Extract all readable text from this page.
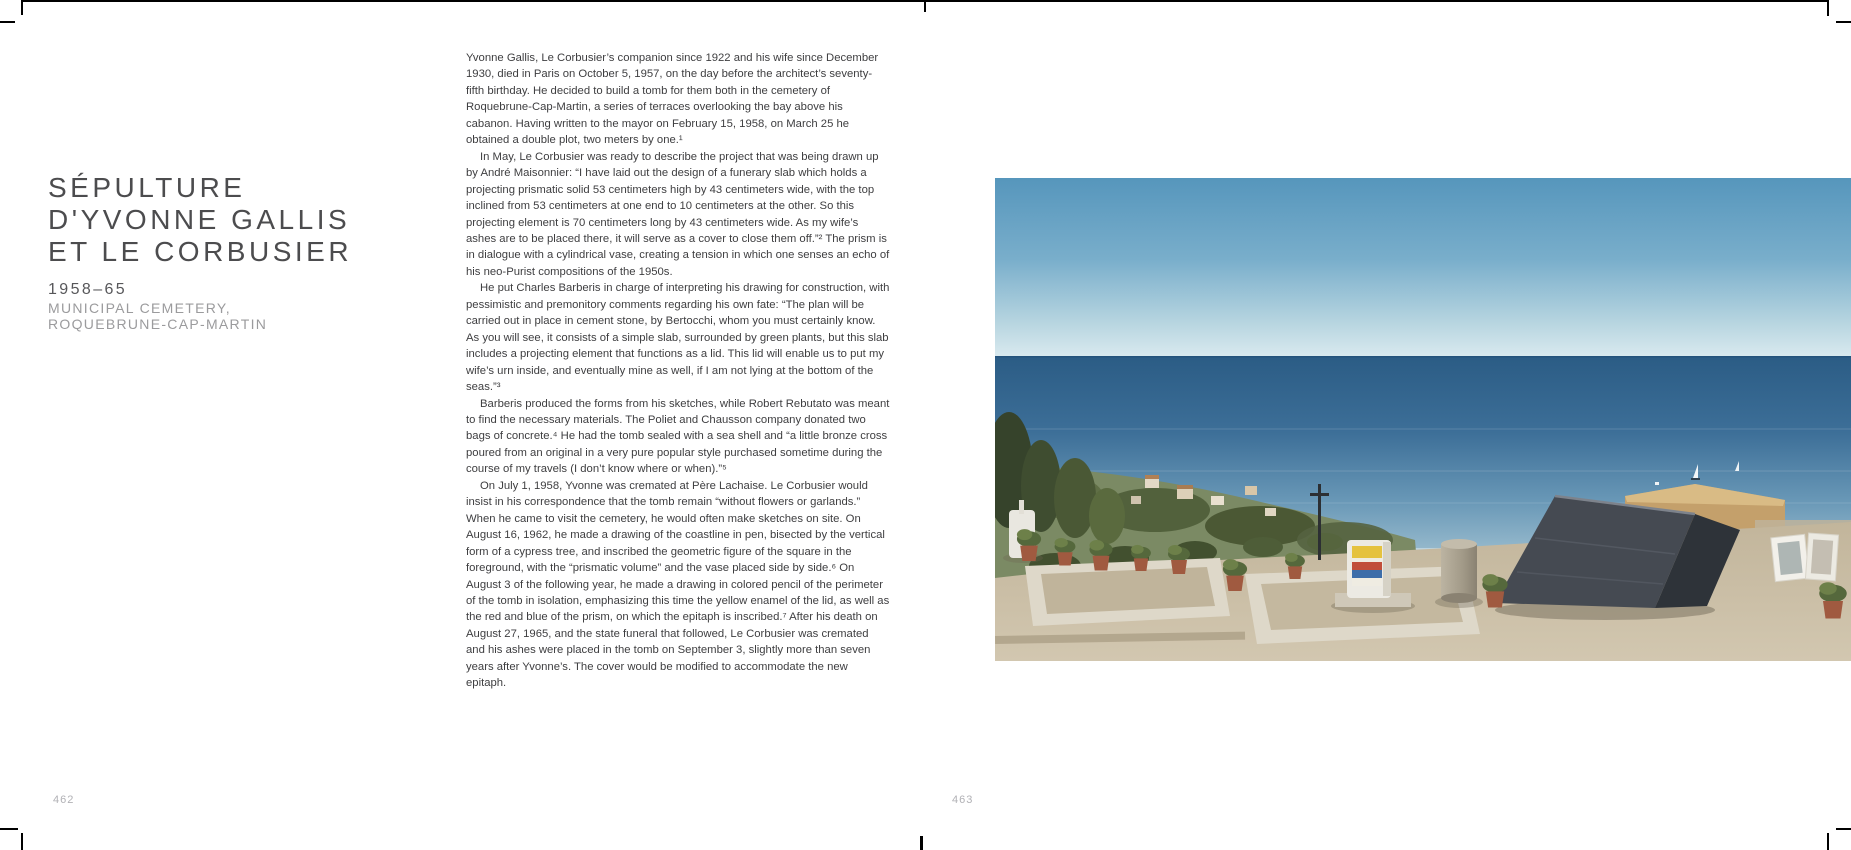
SÉPULTURE
D'YVONNE GALLIS
ET LE CORBUSIER
1958–65
MUNICIPAL CEMETERY,
ROQUEBRUNE-CAP-MARTIN

Yvonne Gallis, Le Corbusier’s companion since 1922 and his wife since December 1930, died in Paris on October 5, 1957, on the day before the architect’s seventy-fifth birthday. He decided to build a tomb for them both in the cemetery of Roquebrune-Cap-Martin, a series of terraces overlooking the bay above his cabanon. Having written to the mayor on February 15, 1958, on March 25 he obtained a double plot, two meters by one.¹

In May, Le Corbusier was ready to describe the project that was being drawn up by André Maisonnier: “I have laid out the design of a funerary slab which holds a projecting prismatic solid 53 centimeters high by 43 centimeters wide, with the top inclined from 53 centimeters at one end to 10 centimeters at the other. So this projecting element is 70 centimeters long by 43 centimeters wide. As my wife’s ashes are to be placed there, it will serve as a cover to close them off.”² The prism is in dialogue with a cylindrical vase, creating a tension in which one senses an echo of his neo-Purist compositions of the 1950s.

He put Charles Barberis in charge of interpreting his drawing for construction, with pessimistic and premonitory comments regarding his own fate: “The plan will be carried out in place in cement stone, by Bertocchi, whom you must certainly know. As you will see, it consists of a simple slab, surrounded by green plants, but this slab includes a projecting element that functions as a lid. This lid will enable us to put my wife’s urn inside, and eventually mine as well, if I am not lying at the bottom of the seas.”³

Barberis produced the forms from his sketches, while Robert Rebutato was meant to find the necessary materials. The Poliet and Chausson company donated two bags of concrete.⁴ He had the tomb sealed with a sea shell and “a little bronze cross poured from an original in a very pure popular style purchased sometime during the course of my travels (I don’t know where or when).”⁵

On July 1, 1958, Yvonne was cremated at Père Lachaise. Le Corbusier would insist in his correspondence that the tomb remain “without flowers or garlands.” When he came to visit the cemetery, he would often make sketches on site. On August 16, 1962, he made a drawing of the coastline in pen, bisected by the vertical form of a cypress tree, and inscribed the geometric figure of the square in the foreground, with the “prismatic volume” and the vase placed side by side.⁶ On August 3 of the following year, he made a drawing in colored pencil of the perimeter of the tomb in isolation, emphasizing this time the yellow enamel of the lid, as well as the red and blue of the prism, on which the epitaph is inscribed.⁷ After his death on August 27, 1965, and the state funeral that followed, Le Corbusier was cremated and his ashes were placed in the tomb on September 3, slightly more than seven years after Yvonne’s. The cover would be modified to accommodate the new epitaph.

462	463
